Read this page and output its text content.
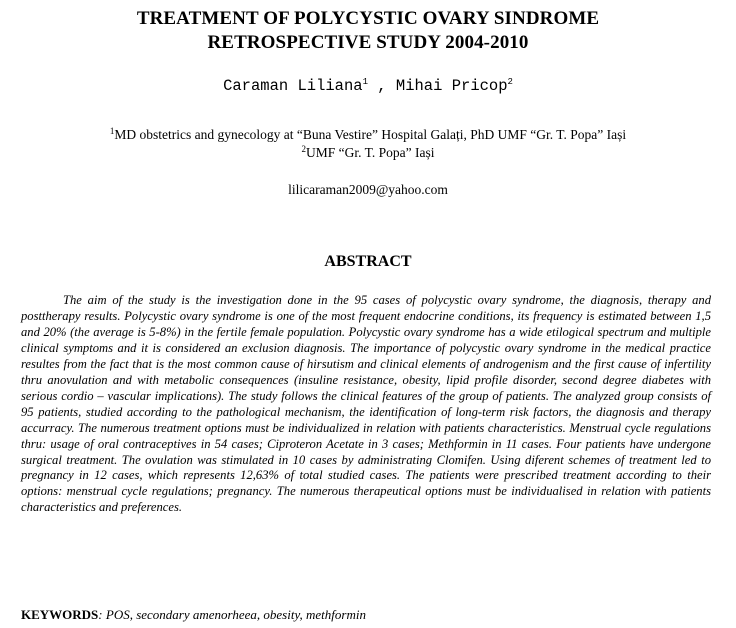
TREATMENT OF POLYCYSTIC OVARY SINDROME
RETROSPECTIVE STUDY 2004-2010
Caraman Liliana$^1$ , Mihai Pricop$^2$
$^1$MD obstetrics and gynecology at “Buna Vestire” Hospital Galați, PhD UMF “Gr. T. Popa” Iași
$^2$UMF “Gr. T. Popa” Iași
lilicaraman2009@yahoo.com
ABSTRACT

The aim of the study is the investigation done in the 95 cases of polycystic ovary syndrome, the diagnosis, therapy and posttherapy results. Polycystic ovary syndrome is one of the most frequent endocrine conditions, its frequency is estimated between 1,5 and 20% (the average is 5-8%) in the fertile female population. Polycystic ovary syndrome has a wide etilogical spectrum and multiple clinical symptoms and it is considered an exclusion diagnosis. The importance of polycystic ovary syndrome in the medical practice resultes from the fact that is the most common cause of hirsutism and clinical elements of androgenism and the first cause of infertility thru anovulation and with metabolic consequences (insuline resistance, obesity, lipid profile disorder, second degree diabetes with serious cordio – vascular implications). The study follows the clinical features of the group of patients. The analyzed group consists of 95 patients, studied according to the pathological mechanism, the identification of long-term risk factors, the diagnosis and therapy accurracy. The numerous treatment options must be individualized in relation with patients characteristics. Menstrual cycle regulations thru: usage of oral contraceptives in 54 cases; Ciproteron Acetate in 3 cases; Methformin in 11 cases. Four patients have undergone surgical treatment. The ovulation was stimulated in 10 cases by administrating Clomifen. Using diferent schemes of treatment led to pregnancy in 12 cases, which represents 12,63% of total studied cases. The patients were prescribed treatment according to their options: menstrual cycle regulations; pregnancy. The numerous therapeutical options must be individualised in relation with patients characteristics and preferences.

KEYWORDS: POS, secondary amenorheea, obesity, methformin
